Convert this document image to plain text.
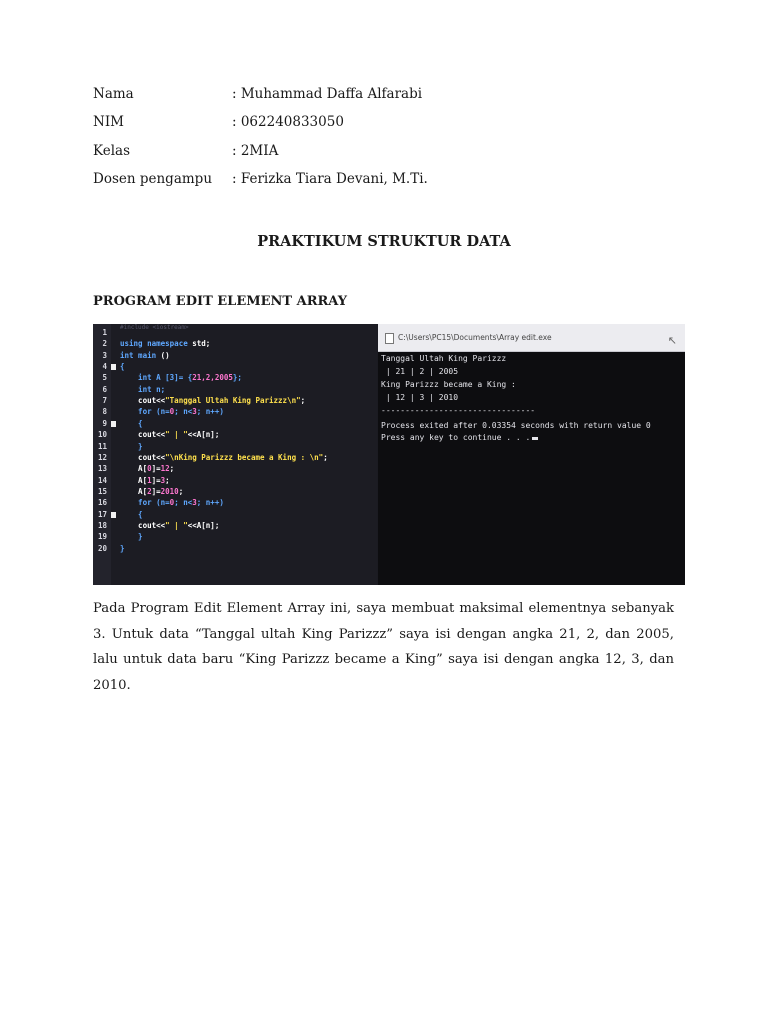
Nama	: Muhammad Daffa Alfarabi
NIM	: 062240833050
Kelas	: 2MIA
Dosen pengampu	: Ferizka Tiara Devani, M.Ti.
PRAKTIKUM STRUKTUR DATA
PROGRAM EDIT ELEMENT ARRAY
#include <iostream>
1
2 using namespace std;
3 int main ()
4 {
5 int A [3]= {21,2,2005};
6 int n;
7 cout<<"Tanggal Ultah King Parizzz\n";
8 for (n=0; n<3; n++)
9 {
10 cout<<" | "<<A[n];
11 }
12 cout<<"\nKing Parizzz became a King : \n";
13 A[0]=12;
14 A[1]=3;
15 A[2]=2010;
16 for (n=0; n<3; n++)
17 {
18 cout<<" | "<<A[n];
19 }
20 }
C:\Users\PC15\Documents\Array edit.exe	↖
Tanggal Ultah King Parizzz
| 21 | 2 | 2005
King Parizzz became a King :
| 12 | 3 | 2010
--------------------------------
Process exited after 0.03354 seconds with return value 0
Press any key to continue . . .
Pada Program Edit Element Array ini, saya membuat maksimal elementnya sebanyak 3. Untuk data “Tanggal ultah King Parizzz” saya isi dengan angka 21, 2, dan 2005, lalu untuk data baru “King Parizzz became a King” saya isi dengan angka 12, 3, dan 2010.
